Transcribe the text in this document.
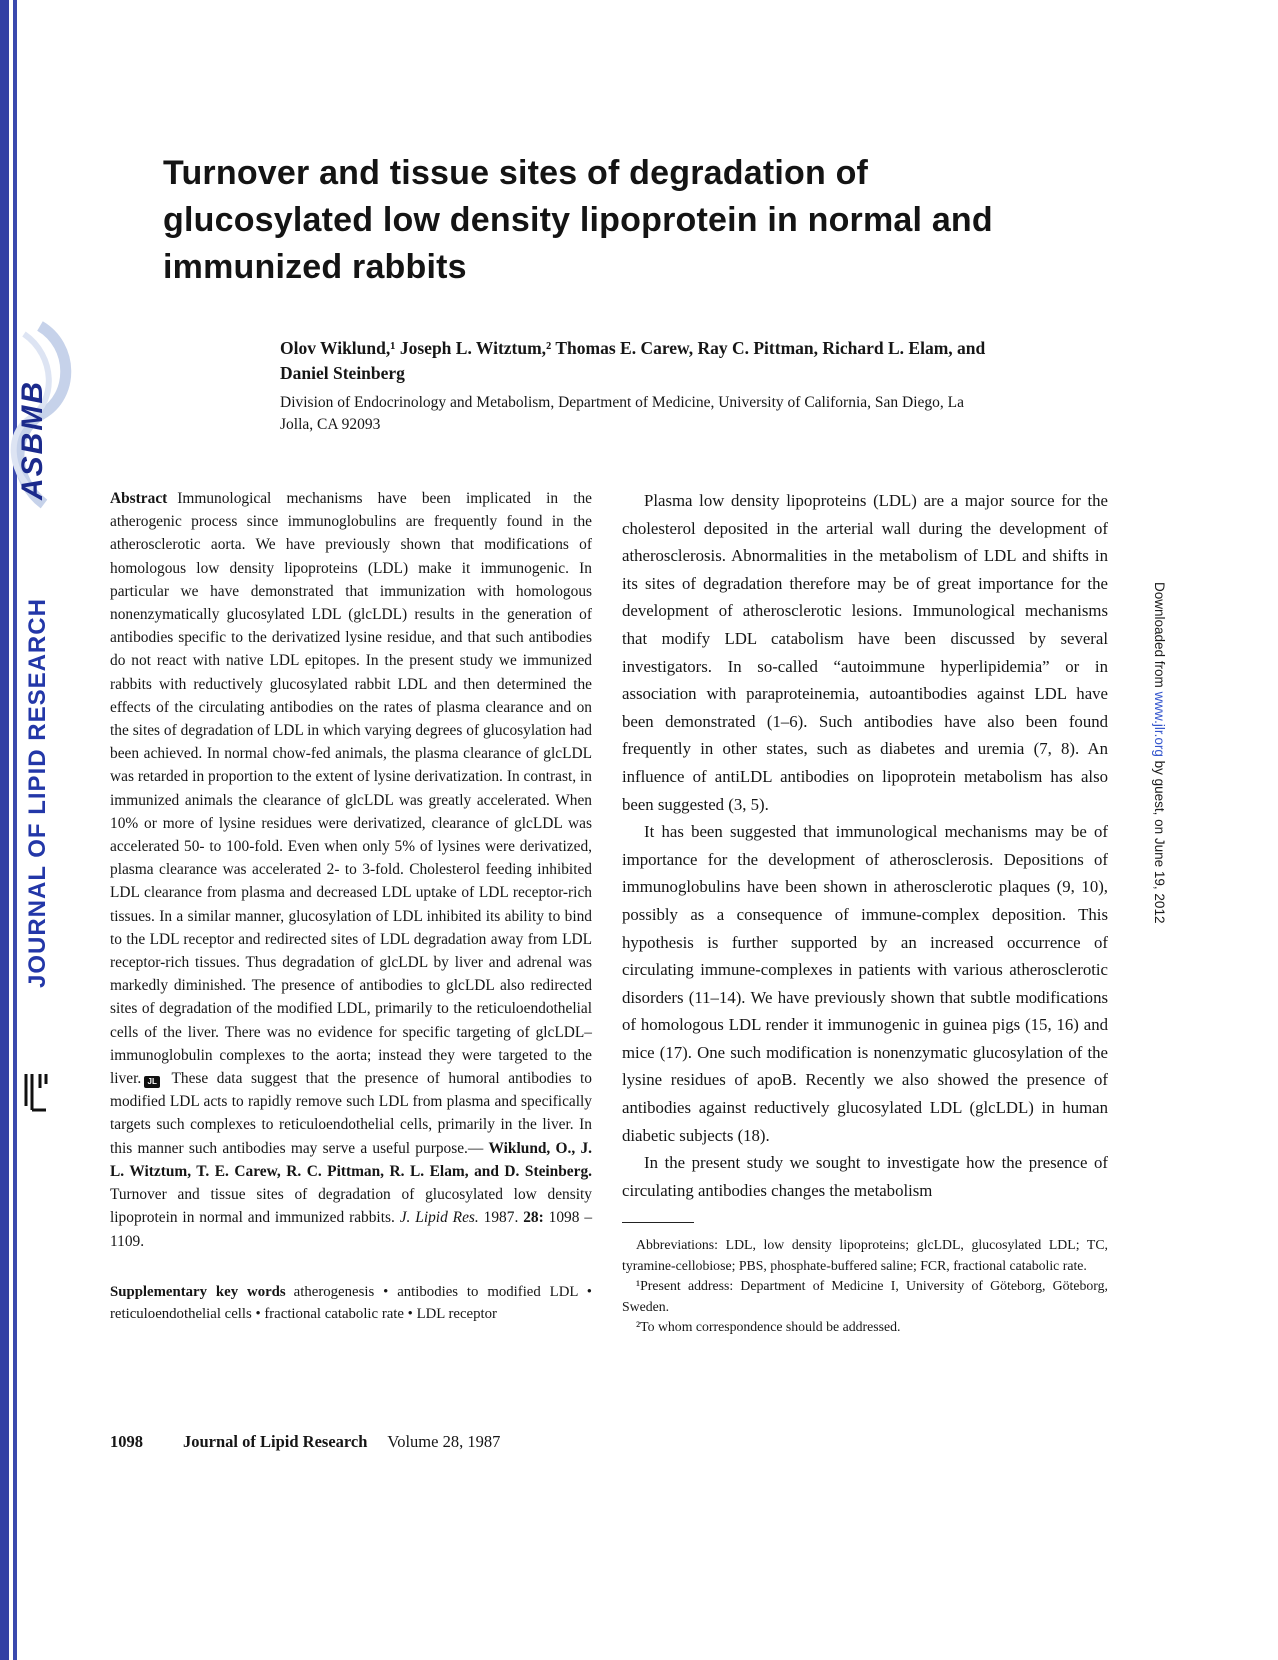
ASBMB
JOURNAL OF LIPID RESEARCH	Downloaded from www.jlr.org by guest, on June 19, 2012
Turnover and tissue sites of degradation of glucosylated low density lipoprotein in normal and immunized rabbits

Olov Wiklund,¹ Joseph L. Witztum,² Thomas E. Carew, Ray C. Pittman, Richard L. Elam, and Daniel Steinberg

Division of Endocrinology and Metabolism, Department of Medicine, University of California, San Diego, La Jolla, CA 92093

Abstract Immunological mechanisms have been implicated in the atherogenic process since immunoglobulins are frequently found in the atherosclerotic aorta. We have previously shown that modifications of homologous low density lipoproteins (LDL) make it immunogenic. In particular we have demonstrated that immunization with homologous nonenzymatically glucosylated LDL (glcLDL) results in the generation of antibodies specific to the derivatized lysine residue, and that such antibodies do not react with native LDL epitopes. In the present study we immunized rabbits with reductively glucosylated rabbit LDL and then determined the effects of the circulating antibodies on the rates of plasma clearance and on the sites of degradation of LDL in which varying degrees of glucosylation had been achieved. In normal chow-fed animals, the plasma clearance of glcLDL was retarded in proportion to the extent of lysine derivatization. In contrast, in immunized animals the clearance of glcLDL was greatly accelerated. When 10% or more of lysine residues were derivatized, clearance of glcLDL was accelerated 50- to 100-fold. Even when only 5% of lysines were derivatized, plasma clearance was accelerated 2- to 3-fold. Cholesterol feeding inhibited LDL clearance from plasma and decreased LDL uptake of LDL receptor-rich tissues. In a similar manner, glucosylation of LDL inhibited its ability to bind to the LDL receptor and redirected sites of LDL degradation away from LDL receptor-rich tissues. Thus degradation of glcLDL by liver and adrenal was markedly diminished. The presence of antibodies to glcLDL also redirected sites of degradation of the modified LDL, primarily to the reticuloendothelial cells of the liver. There was no evidence for specific targeting of glcLDL–immunoglobulin complexes to the aorta; instead they were targeted to the liver. JL These data suggest that the presence of humoral antibodies to modified LDL acts to rapidly remove such LDL from plasma and specifically targets such complexes to reticuloendothelial cells, primarily in the liver. In this manner such antibodies may serve a useful purpose.— Wiklund, O., J. L. Witztum, T. E. Carew, R. C. Pittman, R. L. Elam, and D. Steinberg. Turnover and tissue sites of degradation of glucosylated low density lipoprotein in normal and immunized rabbits. J. Lipid Res. 1987. 28: 1098 – 1109.

Supplementary key words atherogenesis • antibodies to modified LDL • reticuloendothelial cells • fractional catabolic rate • LDL receptor

Plasma low density lipoproteins (LDL) are a major source for the cholesterol deposited in the arterial wall during the development of atherosclerosis. Abnormalities in the metabolism of LDL and shifts in its sites of degradation therefore may be of great importance for the development of atherosclerotic lesions. Immunological mechanisms that modify LDL catabolism have been discussed by several investigators. In so-called “autoimmune hyperlipidemia” or in association with paraproteinemia, autoantibodies against LDL have been demonstrated (1–6). Such antibodies have also been found frequently in other states, such as diabetes and uremia (7, 8). An influence of antiLDL antibodies on lipoprotein metabolism has also been suggested (3, 5).

It has been suggested that immunological mechanisms may be of importance for the development of atherosclerosis. Depositions of immunoglobulins have been shown in atherosclerotic plaques (9, 10), possibly as a consequence of immune-complex deposition. This hypothesis is further supported by an increased occurrence of circulating immune-complexes in patients with various atherosclerotic disorders (11–14). We have previously shown that subtle modifications of homologous LDL render it immunogenic in guinea pigs (15, 16) and mice (17). One such modification is nonenzymatic glucosylation of the lysine residues of apoB. Recently we also showed the presence of antibodies against reductively glucosylated LDL (glcLDL) in human diabetic subjects (18).

In the present study we sought to investigate how the presence of circulating antibodies changes the metabolism

Abbreviations: LDL, low density lipoproteins; glcLDL, glucosylated LDL; TC, tyramine-cellobiose; PBS, phosphate-buffered saline; FCR, fractional catabolic rate.

¹Present address: Department of Medicine I, University of Göteborg, Göteborg, Sweden.

²To whom correspondence should be addressed.

1098 Journal of Lipid Research Volume 28, 1987
